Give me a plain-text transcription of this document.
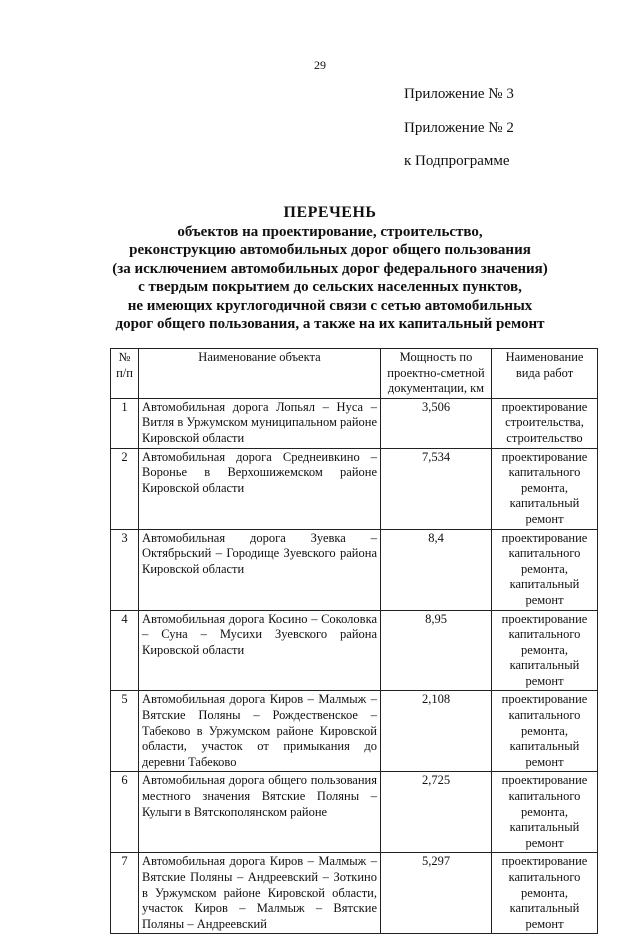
29
Приложение № 3
Приложение № 2
к Подпрограмме
ПЕРЕЧЕНЬ
объектов на проектирование, строительство,
реконструкцию автомобильных дорог общего пользования
(за исключением автомобильных дорог федерального значения)
с твердым покрытием до сельских населенных пунктов,
не имеющих круглогодичной связи с сетью автомобильных
дорог общего пользования, а также на их капитальный ремонт
№ п/п	Наименование объекта	Мощность по проектно-сметной документации, км	Наименование вида работ
1	Автомобильная дорога Лопьял – Нуса – Витля в Уржумском муниципальном районе Кировской области	3,506	проектирование строительства, строительство
2	Автомобильная дорога Среднеивкино – Воронье в Верхошижемском районе Кировской области	7,534	проектирование капитального ремонта, капитальный ремонт
3	Автомобильная дорога Зуевка – Октябрьский – Городище Зуевского района Кировской области	8,4	проектирование капитального ремонта, капитальный ремонт
4	Автомобильная дорога Косино – Соколовка – Суна – Мусихи Зуевского района Кировской области	8,95	проектирование капитального ремонта, капитальный ремонт
5	Автомобильная дорога Киров – Малмыж – Вятские Поляны – Рождественское – Табеково в Уржумском районе Кировской области, участок от примыкания до деревни Табеково	2,108	проектирование капитального ремонта, капитальный ремонт
6	Автомобильная дорога общего пользования местного значения Вятские Поляны – Кулыги в Вятскополянском районе	2,725	проектирование капитального ремонта, капитальный ремонт
7	Автомобильная дорога Киров – Малмыж – Вятские Поляны – Андреевский – Зоткино в Уржумском районе Кировской области, участок Киров – Малмыж – Вятские Поляны – Андреевский	5,297	проектирование капитального ремонта, капитальный ремонт
